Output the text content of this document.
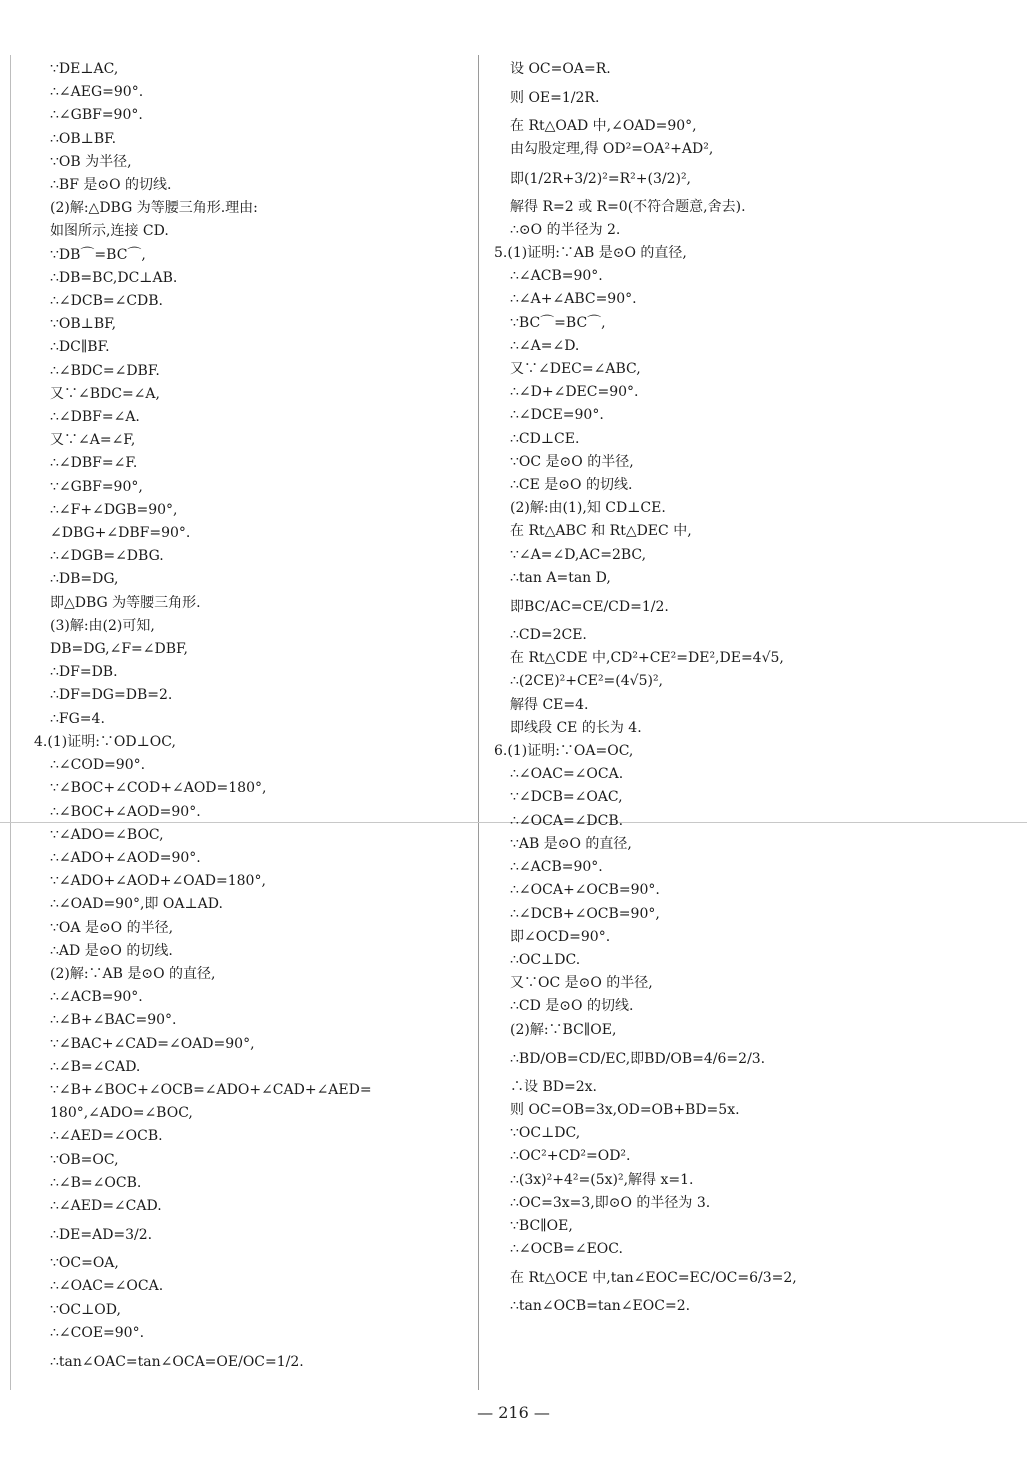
∵DE⊥AC,
∴∠AEG=90°.
∴∠GBF=90°.
∴OB⊥BF.
∵OB 为半径,
∴BF 是⊙O 的切线.
(2)解:△DBG 为等腰三角形.理由:
如图所示,连接 CD.
∵DB⌒=BC⌒,
∴DB=BC,DC⊥AB.
∴∠DCB=∠CDB.
∵OB⊥BF,
∴DC∥BF.
∴∠BDC=∠DBF.
又∵∠BDC=∠A,
∴∠DBF=∠A.
又∵∠A=∠F,
∴∠DBF=∠F.
∵∠GBF=90°,
∴∠F+∠DGB=90°,
∠DBG+∠DBF=90°.
∴∠DGB=∠DBG.
∴DB=DG,
即△DBG 为等腰三角形.
(3)解:由(2)可知,
DB=DG,∠F=∠DBF,
∴DF=DB.
∴DF=DG=DB=2.
∴FG=4.
4.(1)证明:∵OD⊥OC,
∴∠COD=90°.
∵∠BOC+∠COD+∠AOD=180°,
∴∠BOC+∠AOD=90°.
∵∠ADO=∠BOC,
∴∠ADO+∠AOD=90°.
∵∠ADO+∠AOD+∠OAD=180°,
∴∠OAD=90°,即 OA⊥AD.
∵OA 是⊙O 的半径,
∴AD 是⊙O 的切线.
(2)解:∵AB 是⊙O 的直径,
∴∠ACB=90°.
∴∠B+∠BAC=90°.
∵∠BAC+∠CAD=∠OAD=90°,
∴∠B=∠CAD.
∵∠B+∠BOC+∠OCB=∠ADO+∠CAD+∠AED=
180°,∠ADO=∠BOC,
∴∠AED=∠OCB.
∵OB=OC,
∴∠B=∠OCB.
∴∠AED=∠CAD.
∴DE=AD=3/2.
∵OC=OA,
∴∠OAC=∠OCA.
∵OC⊥OD,
∴∠COE=90°.
∴tan∠OAC=tan∠OCA=OE/OC=1/2.
设 OC=OA=R.
则 OE=1/2R.
在 Rt△OAD 中,∠OAD=90°,
由勾股定理,得 OD²=OA²+AD²,
即(1/2R+3/2)²=R²+(3/2)²,
解得 R=2 或 R=0(不符合题意,舍去).
∴⊙O 的半径为 2.
5.(1)证明:∵AB 是⊙O 的直径,
∴∠ACB=90°.
∴∠A+∠ABC=90°.
∵BC⌒=BC⌒,
∴∠A=∠D.
又∵∠DEC=∠ABC,
∴∠D+∠DEC=90°.
∴∠DCE=90°.
∴CD⊥CE.
∵OC 是⊙O 的半径,
∴CE 是⊙O 的切线.
(2)解:由(1),知 CD⊥CE.
在 Rt△ABC 和 Rt△DEC 中,
∵∠A=∠D,AC=2BC,
∴tan A=tan D,
即BC/AC=CE/CD=1/2.
∴CD=2CE.
在 Rt△CDE 中,CD²+CE²=DE²,DE=4√5,
∴(2CE)²+CE²=(4√5)²,
解得 CE=4.
即线段 CE 的长为 4.
6.(1)证明:∵OA=OC,
∴∠OAC=∠OCA.
∵∠DCB=∠OAC,
∴∠OCA=∠DCB.
∵AB 是⊙O 的直径,
∴∠ACB=90°.
∴∠OCA+∠OCB=90°.
∴∠DCB+∠OCB=90°,
即∠OCD=90°.
∴OC⊥DC.
又∵OC 是⊙O 的半径,
∴CD 是⊙O 的切线.
(2)解:∵BC∥OE,
∴BD/OB=CD/EC,即BD/OB=4/6=2/3.
∴设 BD=2x.
则 OC=OB=3x,OD=OB+BD=5x.
∵OC⊥DC,
∴OC²+CD²=OD².
∴(3x)²+4²=(5x)²,解得 x=1.
∴OC=3x=3,即⊙O 的半径为 3.
∵BC∥OE,
∴∠OCB=∠EOC.
在 Rt△OCE 中,tan∠EOC=EC/OC=6/3=2,
∴tan∠OCB=tan∠EOC=2.
— 216 —
